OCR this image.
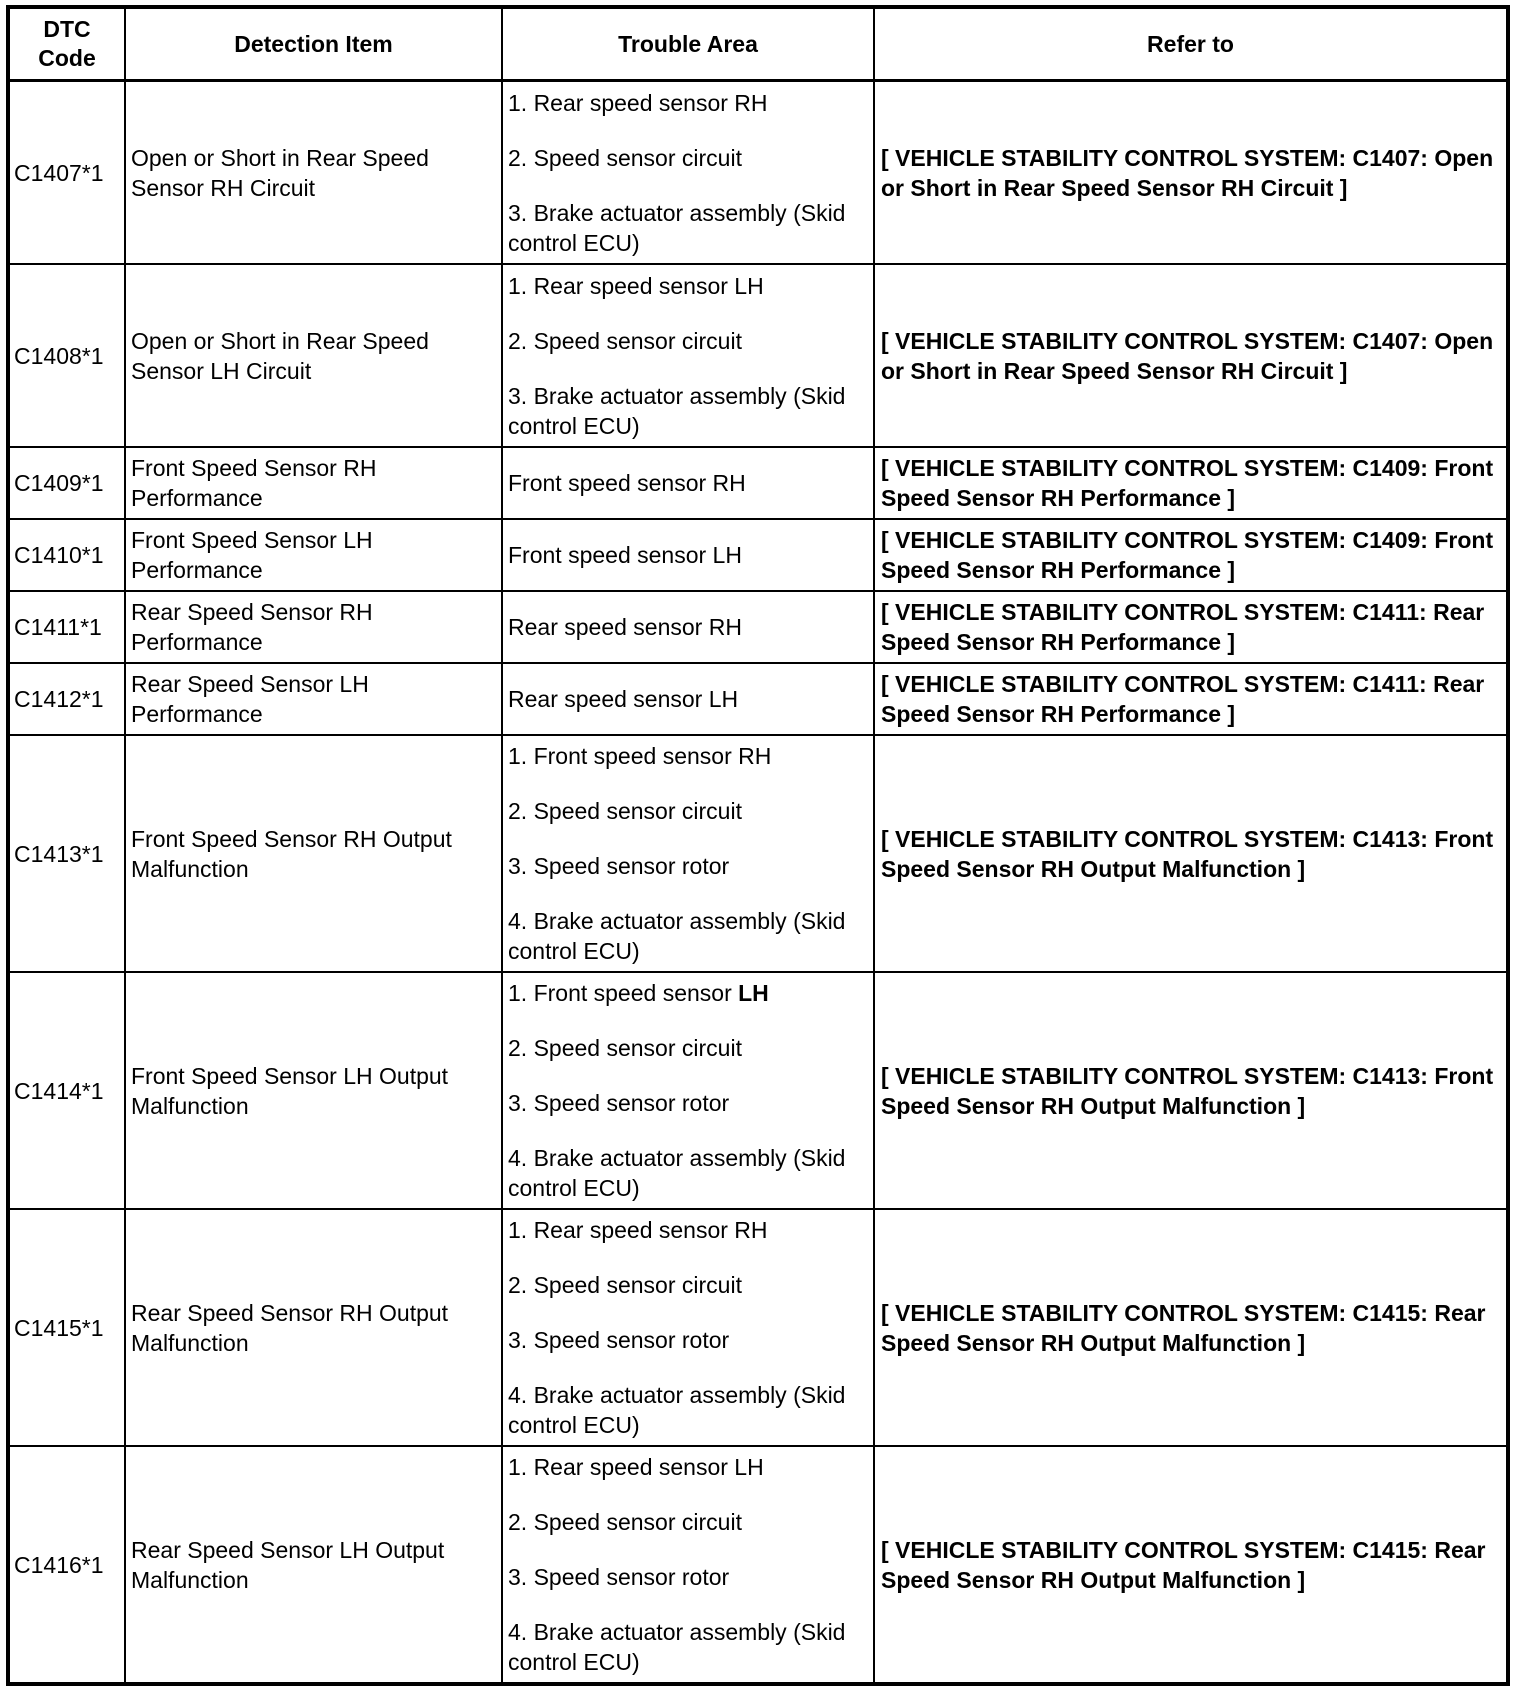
DTC
Code	Detection Item	Trouble Area	Refer to
C1407*1	Open or Short in Rear Speed Sensor RH Circuit	1. Rear speed sensor RH
2. Speed sensor circuit
3. Brake actuator assembly (Skid control ECU)	[ VEHICLE STABILITY CONTROL SYSTEM: C1407: Open or Short in Rear Speed Sensor RH Circuit ]
C1408*1	Open or Short in Rear Speed Sensor LH Circuit	1. Rear speed sensor LH
2. Speed sensor circuit
3. Brake actuator assembly (Skid control ECU)	[ VEHICLE STABILITY CONTROL SYSTEM: C1407: Open or Short in Rear Speed Sensor RH Circuit ]
C1409*1	Front Speed Sensor RH Performance	Front speed sensor RH	[ VEHICLE STABILITY CONTROL SYSTEM: C1409: Front Speed Sensor RH Performance ]
C1410*1	Front Speed Sensor LH Performance	Front speed sensor LH	[ VEHICLE STABILITY CONTROL SYSTEM: C1409: Front Speed Sensor RH Performance ]
C1411*1	Rear Speed Sensor RH Performance	Rear speed sensor RH	[ VEHICLE STABILITY CONTROL SYSTEM: C1411: Rear Speed Sensor RH Performance ]
C1412*1	Rear Speed Sensor LH Performance	Rear speed sensor LH	[ VEHICLE STABILITY CONTROL SYSTEM: C1411: Rear Speed Sensor RH Performance ]
C1413*1	Front Speed Sensor RH Output Malfunction	1. Front speed sensor RH
2. Speed sensor circuit
3. Speed sensor rotor
4. Brake actuator assembly (Skid control ECU)	[ VEHICLE STABILITY CONTROL SYSTEM: C1413: Front Speed Sensor RH Output Malfunction ]
C1414*1	Front Speed Sensor LH Output Malfunction	1. Front speed sensor LH
2. Speed sensor circuit
3. Speed sensor rotor
4. Brake actuator assembly (Skid control ECU)	[ VEHICLE STABILITY CONTROL SYSTEM: C1413: Front Speed Sensor RH Output Malfunction ]
C1415*1	Rear Speed Sensor RH Output Malfunction	1. Rear speed sensor RH
2. Speed sensor circuit
3. Speed sensor rotor
4. Brake actuator assembly (Skid control ECU)	[ VEHICLE STABILITY CONTROL SYSTEM: C1415: Rear Speed Sensor RH Output Malfunction ]
C1416*1	Rear Speed Sensor LH Output Malfunction	1. Rear speed sensor LH
2. Speed sensor circuit
3. Speed sensor rotor
4. Brake actuator assembly (Skid control ECU)	[ VEHICLE STABILITY CONTROL SYSTEM: C1415: Rear Speed Sensor RH Output Malfunction ]
